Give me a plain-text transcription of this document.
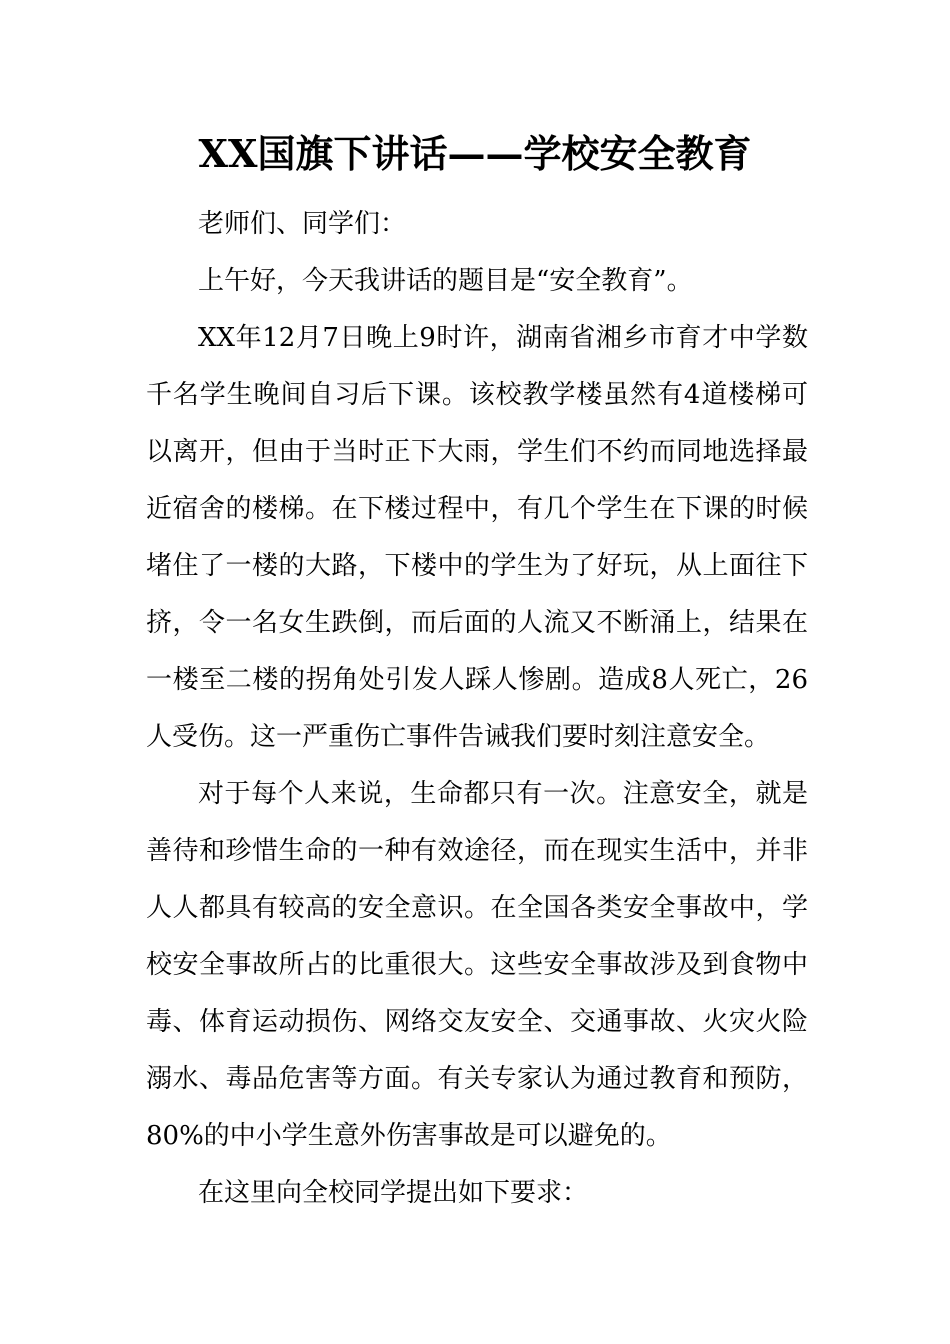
XX国旗下讲话——学校安全教育

老师们、同学们：

上午好，今天我讲话的题目是“安全教育”。

XX年12月7日晚上9时许，湖南省湘乡市育才中学数千名学生晚间自习后下课。该校教学楼虽然有4道楼梯可以离开，但由于当时正下大雨，学生们不约而同地选择最近宿舍的楼梯。在下楼过程中，有几个学生在下课的时候堵住了一楼的大路，下楼中的学生为了好玩，从上面往下挤，令一名女生跌倒，而后面的人流又不断涌上，结果在一楼至二楼的拐角处引发人踩人惨剧。造成8人死亡，26人受伤。这一严重伤亡事件告诫我们要时刻注意安全。

对于每个人来说，生命都只有一次。注意安全，就是善待和珍惜生命的一种有效途径，而在现实生活中，并非人人都具有较高的安全意识。在全国各类安全事故中，学校安全事故所占的比重很大。这些安全事故涉及到食物中毒、体育运动损伤、网络交友安全、交通事故、火灾火险溺水、毒品危害等方面。有关专家认为通过教育和预防，80%的中小学生意外伤害事故是可以避免的。

在这里向全校同学提出如下要求：
